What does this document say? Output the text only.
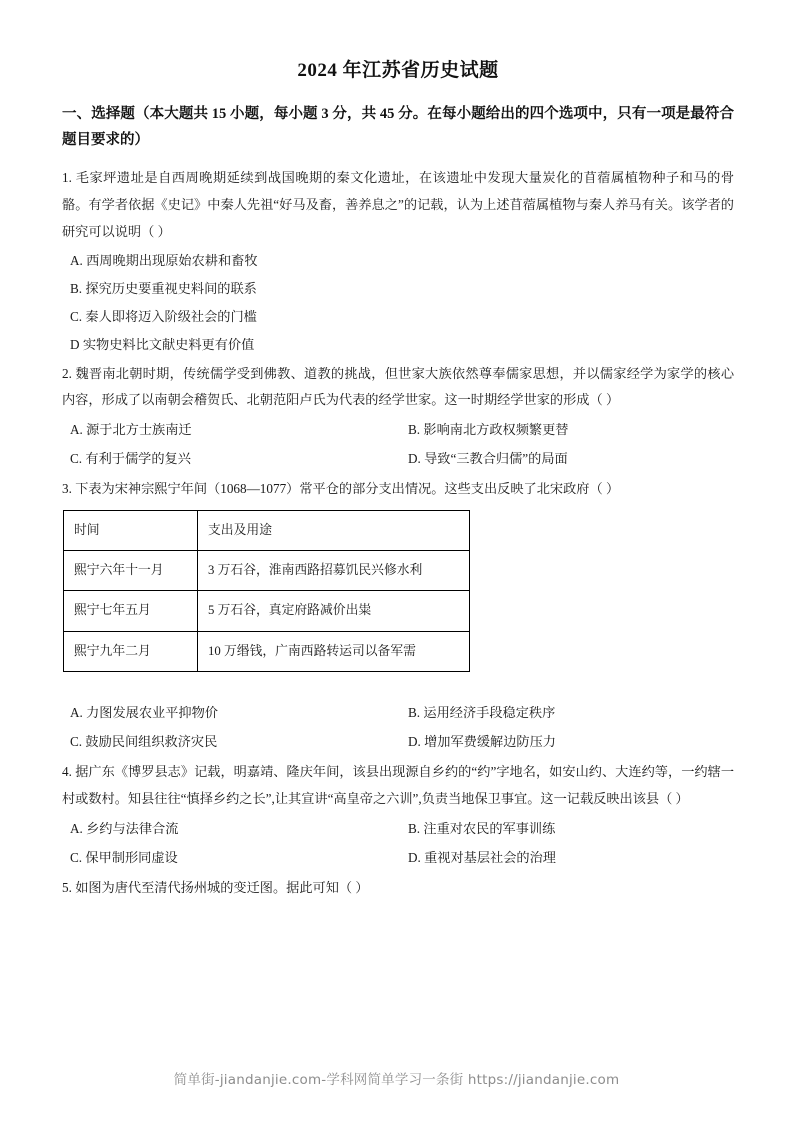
2024 年江苏省历史试题
一、选择题（本大题共 15 小题，每小题 3 分，共 45 分。在每小题给出的四个选项中，只有一项是最符合题目要求的）

1. 毛家坪遗址是自西周晚期延续到战国晚期的秦文化遗址，在该遗址中发现大量炭化的苜蓿属植物种子和马的骨骼。有学者依据《史记》中秦人先祖“好马及畜，善养息之”的记载，认为上述苜蓿属植物与秦人养马有关。该学者的研究可以说明（ ）

A. 西周晚期出现原始农耕和畜牧
B. 探究历史要重视史料间的联系
C. 秦人即将迈入阶级社会的门槛
D 实物史料比文献史料更有价值

2. 魏晋南北朝时期，传统儒学受到佛教、道教的挑战，但世家大族依然尊奉儒家思想，并以儒家经学为家学的核心内容，形成了以南朝会稽贺氏、北朝范阳卢氏为代表的经学世家。这一时期经学世家的形成（ ）

A. 源于北方士族南迁	B. 影响南北方政权频繁更替
C. 有利于儒学的复兴	D. 导致“三教合归儒”的局面

3. 下表为宋神宗熙宁年间（1068—1077）常平仓的部分支出情况。这些支出反映了北宋政府（ ）

时间	支出及用途
熙宁六年十一月	3 万石谷，淮南西路招募饥民兴修水利
熙宁七年五月	5 万石谷，真定府路减价出粜
熙宁九年二月	10 万缗钱，广南西路转运司以备军需
A. 力图发展农业平抑物价	B. 运用经济手段稳定秩序
C. 鼓励民间组织救济灾民	D. 增加军费缓解边防压力

4. 据广东《博罗县志》记载，明嘉靖、隆庆年间，该县出现源自乡约的“约”字地名，如安山约、大连约等，一约辖一村或数村。知县往往“慎择乡约之长”,让其宣讲“高皇帝之六训”,负责当地保卫事宜。这一记载反映出该县（ ）

A. 乡约与法律合流	B. 注重对农民的军事训练
C. 保甲制形同虚设	D. 重视对基层社会的治理

5. 如图为唐代至清代扬州城的变迁图。据此可知（ ）

简单街-jiandanjie.com-学科网简单学习一条街 https://jiandanjie.com
